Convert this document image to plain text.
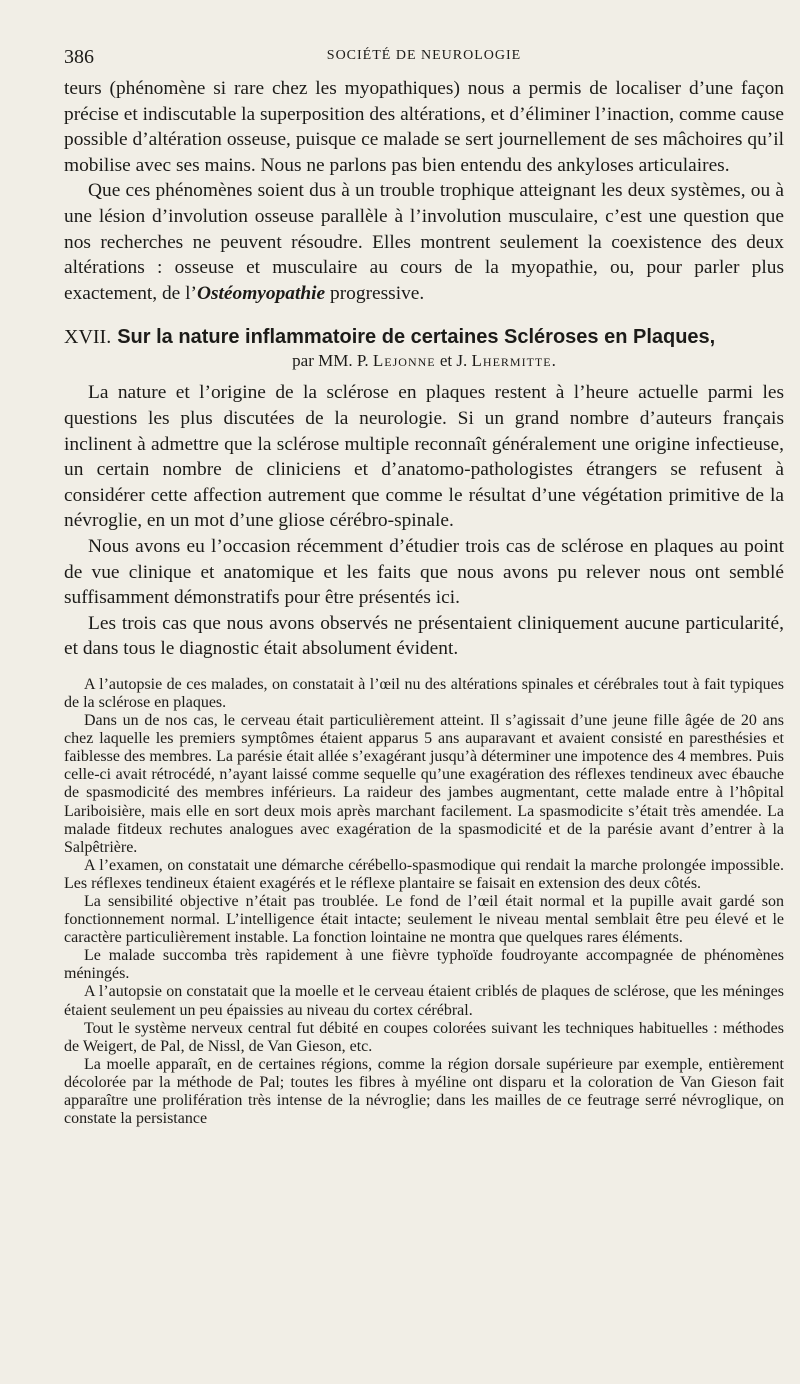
386	SOCIÉTÉ DE NEUROLOGIE

teurs (phénomène si rare chez les myopathiques) nous a permis de localiser d’une façon précise et indiscutable la superposition des altérations, et d’éliminer l’inaction, comme cause possible d’altération osseuse, puisque ce malade se sert journellement de ses mâchoires qu’il mobilise avec ses mains. Nous ne parlons pas bien entendu des ankyloses articulaires.

Que ces phénomènes soient dus à un trouble trophique atteignant les deux systèmes, ou à une lésion d’involution osseuse parallèle à l’involution musculaire, c’est une question que nos recherches ne peuvent résoudre. Elles montrent seulement la coexistence des deux altérations : osseuse et musculaire au cours de la myopathie, ou, pour parler plus exactement, de l’Ostéomyopathie progressive.

XVII. Sur la nature inflammatoire de certaines Scléroses en Plaques,
par MM. P. Lejonne et J. Lhermitte.

La nature et l’origine de la sclérose en plaques restent à l’heure actuelle parmi les questions les plus discutées de la neurologie. Si un grand nombre d’auteurs français inclinent à admettre que la sclérose multiple reconnaît généralement une origine infectieuse, un certain nombre de cliniciens et d’anatomo-pathologistes étrangers se refusent à considérer cette affection autrement que comme le résultat d’une végétation primitive de la névroglie, en un mot d’une gliose cérébro-spinale.

Nous avons eu l’occasion récemment d’étudier trois cas de sclérose en plaques au point de vue clinique et anatomique et les faits que nous avons pu relever nous ont semblé suffisamment démonstratifs pour être présentés ici.

Les trois cas que nous avons observés ne présentaient cliniquement aucune particularité, et dans tous le diagnostic était absolument évident.

A l’autopsie de ces malades, on constatait à l’œil nu des altérations spinales et cérébrales tout à fait typiques de la sclérose en plaques.

Dans un de nos cas, le cerveau était particulièrement atteint. Il s’agissait d’une jeune fille âgée de 20 ans chez laquelle les premiers symptômes étaient apparus 5 ans auparavant et avaient consisté en paresthésies et faiblesse des membres. La parésie était allée s’exagérant jusqu’à déterminer une impotence des 4 membres. Puis celle-ci avait rétrocédé, n’ayant laissé comme sequelle qu’une exagération des réflexes tendineux avec ébauche de spasmodicité des membres inférieurs. La raideur des jambes augmentant, cette malade entre à l’hôpital Lariboisière, mais elle en sort deux mois après marchant facilement. La spasmodicite s’était très amendée. La malade fitdeux rechutes analogues avec exagération de la spasmodicité et de la parésie avant d’entrer à la Salpêtrière.

A l’examen, on constatait une démarche cérébello-spasmodique qui rendait la marche prolongée impossible. Les réflexes tendineux étaient exagérés et le réflexe plantaire se faisait en extension des deux côtés.

La sensibilité objective n’était pas troublée. Le fond de l’œil était normal et la pupille avait gardé son fonctionnement normal. L’intelligence était intacte; seulement le niveau mental semblait être peu élevé et le caractère particulièrement instable. La fonction lointaine ne montra que quelques rares éléments.

Le malade succomba très rapidement à une fièvre typhoïde foudroyante accompagnée de phénomènes méningés.

A l’autopsie on constatait que la moelle et le cerveau étaient criblés de plaques de sclérose, que les méninges étaient seulement un peu épaissies au niveau du cortex cérébral.

Tout le système nerveux central fut débité en coupes colorées suivant les techniques habituelles : méthodes de Weigert, de Pal, de Nissl, de Van Gieson, etc.

La moelle apparaît, en de certaines régions, comme la région dorsale supérieure par exemple, entièrement décolorée par la méthode de Pal; toutes les fibres à myéline ont disparu et la coloration de Van Gieson fait apparaître une prolifération très intense de la névroglie; dans les mailles de ce feutrage serré névroglique, on constate la persistance
